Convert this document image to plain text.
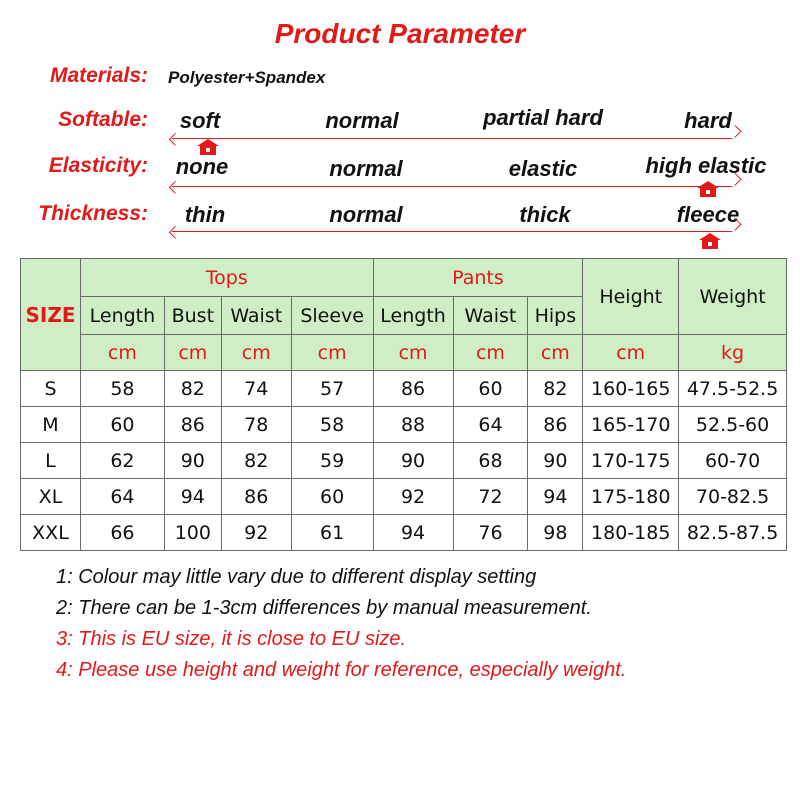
Product Parameter
Materials: Polyester+Spandex
Softable: soft	normal	partial hard	hard
Elasticity: none	normal	elastic	high elastic
Thickness: thin	normal	thick	fleece
SIZE	Tops				Pants			Height	Weight
	Length	Bust	Waist	Sleeve	Length	Waist	Hips		
	cm	cm	cm	cm	cm	cm	cm	cm	kg
S	58	82	74	57	86	60	82	160-165	47.5-52.5
M	60	86	78	58	88	64	86	165-170	52.5-60
L	62	90	82	59	90	68	90	170-175	60-70
XL	64	94	86	60	92	72	94	175-180	70-82.5
XXL	66	100	92	61	94	76	98	180-185	82.5-87.5
1: Colour may little vary due to different display setting
2: There can be 1-3cm differences by manual measurement.
3: This is EU size, it is close to EU size.
4: Please use height and weight for reference, especially weight.
